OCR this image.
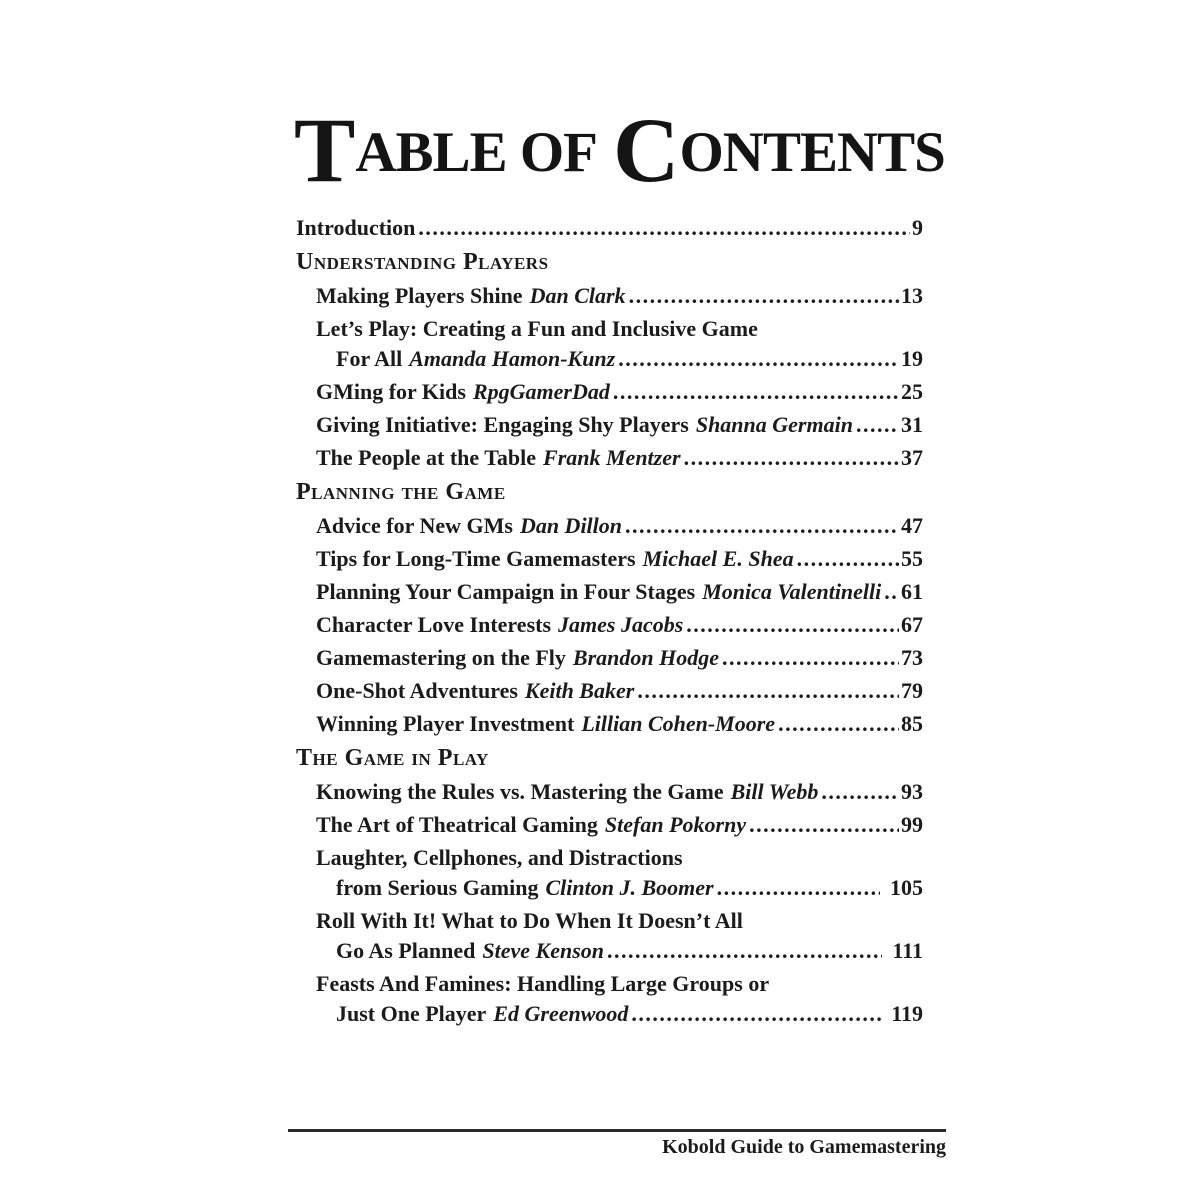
TABLE OF CONTENTS
Introduction .....	9
Understanding Players
Making Players Shine Dan Clark .....	13
Let’s Play: Creating a Fun and Inclusive Game
For All Amanda Hamon-Kunz .....	19
GMing for Kids RpgGamerDad .....	25
Giving Initiative: Engaging Shy Players Shanna Germain ..... 31
The People at the Table Frank Mentzer .....	37
Planning the Game
Advice for New GMs Dan Dillon .....	47
Tips for Long-Time Gamemasters Michael E. Shea .....	55
Planning Your Campaign in Four Stages Monica Valentinelli ..... 61
Character Love Interests James Jacobs .....	67
Gamemastering on the Fly Brandon Hodge .....	73
One-Shot Adventures Keith Baker .....	79
Winning Player Investment Lillian Cohen-Moore .....	85
The Game in Play
Knowing the Rules vs. Mastering the Game Bill Webb .....	93
The Art of Theatrical Gaming Stefan Pokorny .....	99
Laughter, Cellphones, and Distractions
from Serious Gaming Clinton J. Boomer .....	105
Roll With It! What to Do When It Doesn’t All
Go As Planned Steve Kenson .....	111
Feasts And Famines: Handling Large Groups or
Just One Player Ed Greenwood .....	119
Kobold Guide to Gamemastering
